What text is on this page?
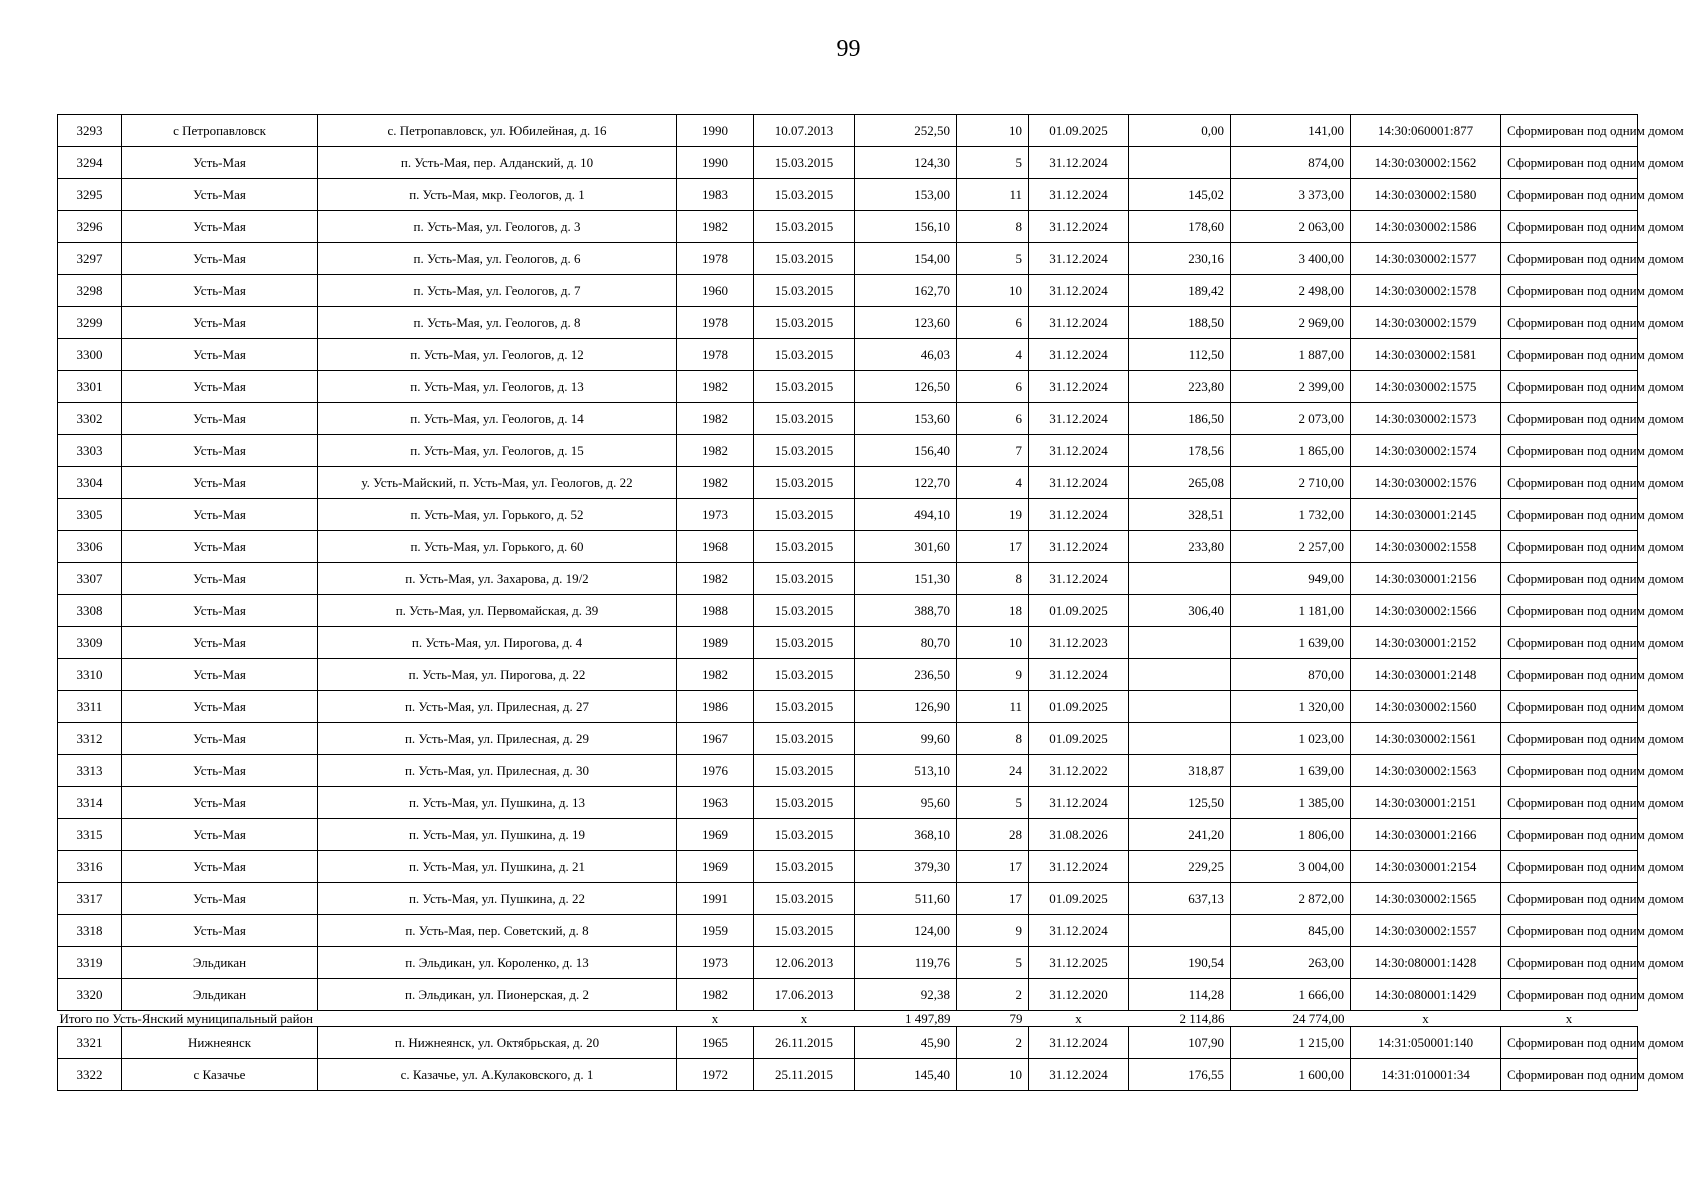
99
3293	с Петропавловск	с. Петропавловск, ул. Юбилейная, д. 16	1990	10.07.2013	252,50	10	01.09.2025	0,00	141,00	14:30:060001:877	Сформирован под одним домом
3294	Усть-Мая	п. Усть-Мая, пер. Алданский, д. 10	1990	15.03.2015	124,30	5	31.12.2024		874,00	14:30:030002:1562	Сформирован под одним домом
3295	Усть-Мая	п. Усть-Мая, мкр. Геологов, д. 1	1983	15.03.2015	153,00	11	31.12.2024	145,02	3 373,00	14:30:030002:1580	Сформирован под одним домом
3296	Усть-Мая	п. Усть-Мая, ул. Геологов, д. 3	1982	15.03.2015	156,10	8	31.12.2024	178,60	2 063,00	14:30:030002:1586	Сформирован под одним домом
3297	Усть-Мая	п. Усть-Мая, ул. Геологов, д. 6	1978	15.03.2015	154,00	5	31.12.2024	230,16	3 400,00	14:30:030002:1577	Сформирован под одним домом
3298	Усть-Мая	п. Усть-Мая, ул. Геологов, д. 7	1960	15.03.2015	162,70	10	31.12.2024	189,42	2 498,00	14:30:030002:1578	Сформирован под одним домом
3299	Усть-Мая	п. Усть-Мая, ул. Геологов, д. 8	1978	15.03.2015	123,60	6	31.12.2024	188,50	2 969,00	14:30:030002:1579	Сформирован под одним домом
3300	Усть-Мая	п. Усть-Мая, ул. Геологов, д. 12	1978	15.03.2015	46,03	4	31.12.2024	112,50	1 887,00	14:30:030002:1581	Сформирован под одним домом
3301	Усть-Мая	п. Усть-Мая, ул. Геологов, д. 13	1982	15.03.2015	126,50	6	31.12.2024	223,80	2 399,00	14:30:030002:1575	Сформирован под одним домом
3302	Усть-Мая	п. Усть-Мая, ул. Геологов, д. 14	1982	15.03.2015	153,60	6	31.12.2024	186,50	2 073,00	14:30:030002:1573	Сформирован под одним домом
3303	Усть-Мая	п. Усть-Мая, ул. Геологов, д. 15	1982	15.03.2015	156,40	7	31.12.2024	178,56	1 865,00	14:30:030002:1574	Сформирован под одним домом
3304	Усть-Мая	у. Усть-Майский, п. Усть-Мая, ул. Геологов, д. 22	1982	15.03.2015	122,70	4	31.12.2024	265,08	2 710,00	14:30:030002:1576	Сформирован под одним домом
3305	Усть-Мая	п. Усть-Мая, ул. Горького, д. 52	1973	15.03.2015	494,10	19	31.12.2024	328,51	1 732,00	14:30:030001:2145	Сформирован под одним домом
3306	Усть-Мая	п. Усть-Мая, ул. Горького, д. 60	1968	15.03.2015	301,60	17	31.12.2024	233,80	2 257,00	14:30:030002:1558	Сформирован под одним домом
3307	Усть-Мая	п. Усть-Мая, ул. Захарова, д. 19/2	1982	15.03.2015	151,30	8	31.12.2024		949,00	14:30:030001:2156	Сформирован под одним домом
3308	Усть-Мая	п. Усть-Мая, ул. Первомайская, д. 39	1988	15.03.2015	388,70	18	01.09.2025	306,40	1 181,00	14:30:030002:1566	Сформирован под одним домом
3309	Усть-Мая	п. Усть-Мая, ул. Пирогова, д. 4	1989	15.03.2015	80,70	10	31.12.2023		1 639,00	14:30:030001:2152	Сформирован под одним домом
3310	Усть-Мая	п. Усть-Мая, ул. Пирогова, д. 22	1982	15.03.2015	236,50	9	31.12.2024		870,00	14:30:030001:2148	Сформирован под одним домом
3311	Усть-Мая	п. Усть-Мая, ул. Прилесная, д. 27	1986	15.03.2015	126,90	11	01.09.2025		1 320,00	14:30:030002:1560	Сформирован под одним домом
3312	Усть-Мая	п. Усть-Мая, ул. Прилесная, д. 29	1967	15.03.2015	99,60	8	01.09.2025		1 023,00	14:30:030002:1561	Сформирован под одним домом
3313	Усть-Мая	п. Усть-Мая, ул. Прилесная, д. 30	1976	15.03.2015	513,10	24	31.12.2022	318,87	1 639,00	14:30:030002:1563	Сформирован под одним домом
3314	Усть-Мая	п. Усть-Мая, ул. Пушкина, д. 13	1963	15.03.2015	95,60	5	31.12.2024	125,50	1 385,00	14:30:030001:2151	Сформирован под одним домом
3315	Усть-Мая	п. Усть-Мая, ул. Пушкина, д. 19	1969	15.03.2015	368,10	28	31.08.2026	241,20	1 806,00	14:30:030001:2166	Сформирован под одним домом
3316	Усть-Мая	п. Усть-Мая, ул. Пушкина, д. 21	1969	15.03.2015	379,30	17	31.12.2024	229,25	3 004,00	14:30:030001:2154	Сформирован под одним домом
3317	Усть-Мая	п. Усть-Мая, ул. Пушкина, д. 22	1991	15.03.2015	511,60	17	01.09.2025	637,13	2 872,00	14:30:030002:1565	Сформирован под одним домом
3318	Усть-Мая	п. Усть-Мая, пер. Советский, д. 8	1959	15.03.2015	124,00	9	31.12.2024		845,00	14:30:030002:1557	Сформирован под одним домом
3319	Эльдикан	п. Эльдикан, ул. Короленко, д. 13	1973	12.06.2013	119,76	5	31.12.2025	190,54	263,00	14:30:080001:1428	Сформирован под одним домом
3320	Эльдикан	п. Эльдикан, ул. Пионерская, д. 2	1982	17.06.2013	92,38	2	31.12.2020	114,28	1 666,00	14:30:080001:1429	Сформирован под одним домом
Итого по Усть-Янский муниципальный район			x	x	1 497,89	79	x	2 114,86	24 774,00	x	x
3321	Нижнеянск	п. Нижнеянск, ул. Октябрьская, д. 20	1965	26.11.2015	45,90	2	31.12.2024	107,90	1 215,00	14:31:050001:140	Сформирован под одним домом
3322	с Казачье	с. Казачье, ул. А.Кулаковского, д. 1	1972	25.11.2015	145,40	10	31.12.2024	176,55	1 600,00	14:31:010001:34	Сформирован под одним домом
